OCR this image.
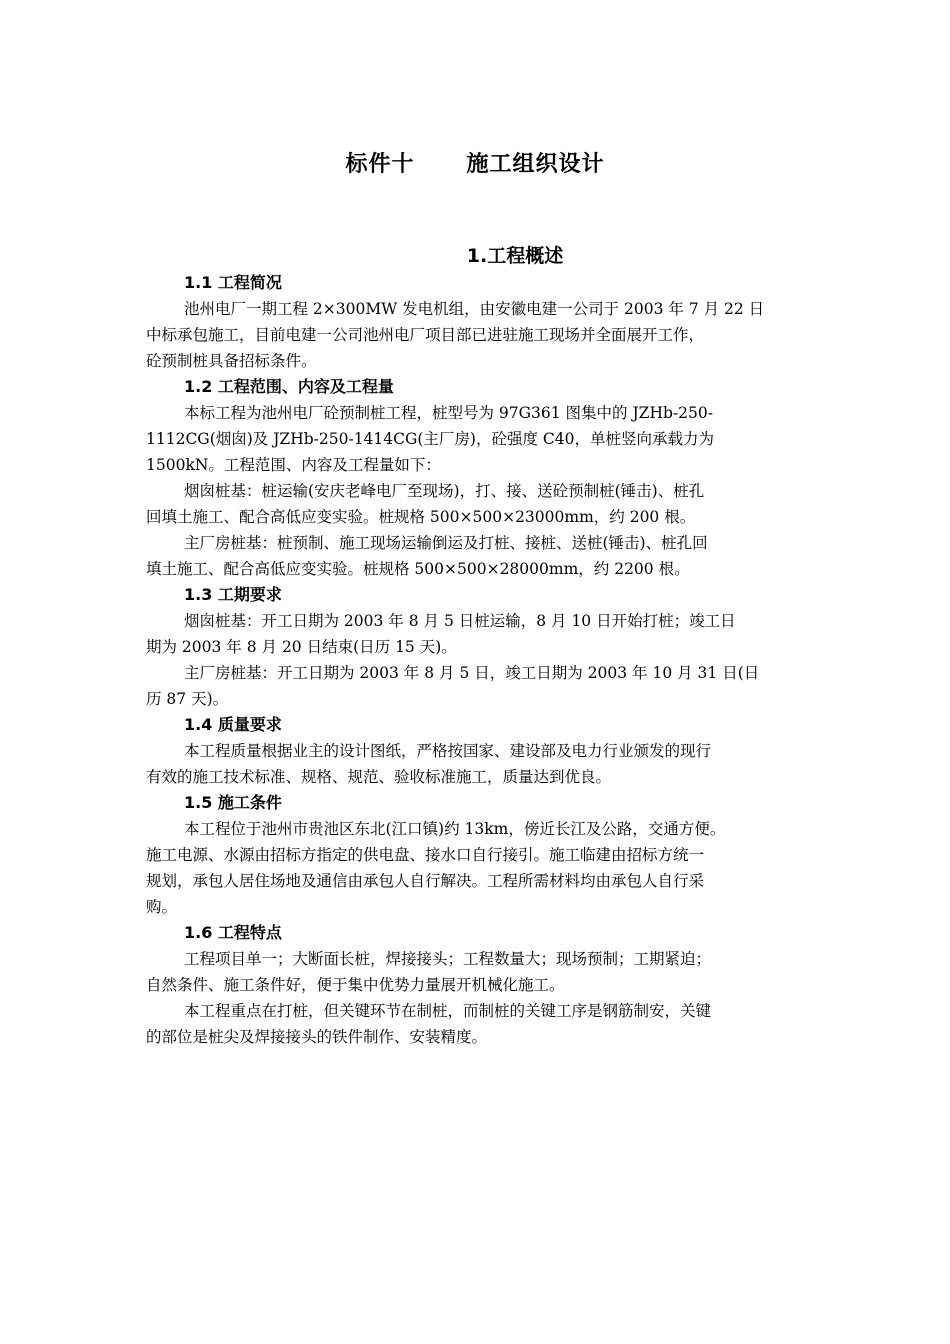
标件十 施工组织设计
1.工程概述
1.1 工程简况

池州电厂一期工程 2×300MW 发电机组，由安徽电建一公司于 2003 年 7 月 22 日
中标承包施工，目前电建一公司池州电厂项目部已进驻施工现场并全面展开工作，
砼预制桩具备招标条件。

1.2 工程范围、内容及工程量

本标工程为池州电厂砼预制桩工程，桩型号为 97G361 图集中的 JZHb-250-
1112CG(烟囱)及 JZHb-250-1414CG(主厂房)，砼强度 C40，单桩竖向承载力为
1500kN。工程范围、内容及工程量如下：

烟囱桩基：桩运输(安庆老峰电厂至现场)，打、接、送砼预制桩(锤击)、桩孔
回填土施工、配合高低应变实验。桩规格 500×500×23000mm，约 200 根。

主厂房桩基：桩预制、施工现场运输倒运及打桩、接桩、送桩(锤击)、桩孔回
填土施工、配合高低应变实验。桩规格 500×500×28000mm，约 2200 根。

1.3 工期要求

烟囱桩基：开工日期为 2003 年 8 月 5 日桩运输，8 月 10 日开始打桩；竣工日
期为 2003 年 8 月 20 日结束(日历 15 天)。

主厂房桩基：开工日期为 2003 年 8 月 5 日，竣工日期为 2003 年 10 月 31 日(日
历 87 天)。

1.4 质量要求

本工程质量根据业主的设计图纸，严格按国家、建设部及电力行业颁发的现行
有效的施工技术标准、规格、规范、验收标准施工，质量达到优良。

1.5 施工条件

本工程位于池州市贵池区东北(江口镇)约 13km，傍近长江及公路，交通方便。
施工电源、水源由招标方指定的供电盘、接水口自行接引。施工临建由招标方统一
规划，承包人居住场地及通信由承包人自行解决。工程所需材料均由承包人自行采
购。

1.6 工程特点

工程项目单一；大断面长桩，焊接接头；工程数量大；现场预制；工期紧迫；
自然条件、施工条件好，便于集中优势力量展开机械化施工。

本工程重点在打桩，但关键环节在制桩，而制桩的关键工序是钢筋制安，关键
的部位是桩尖及焊接接头的铁件制作、安装精度。
